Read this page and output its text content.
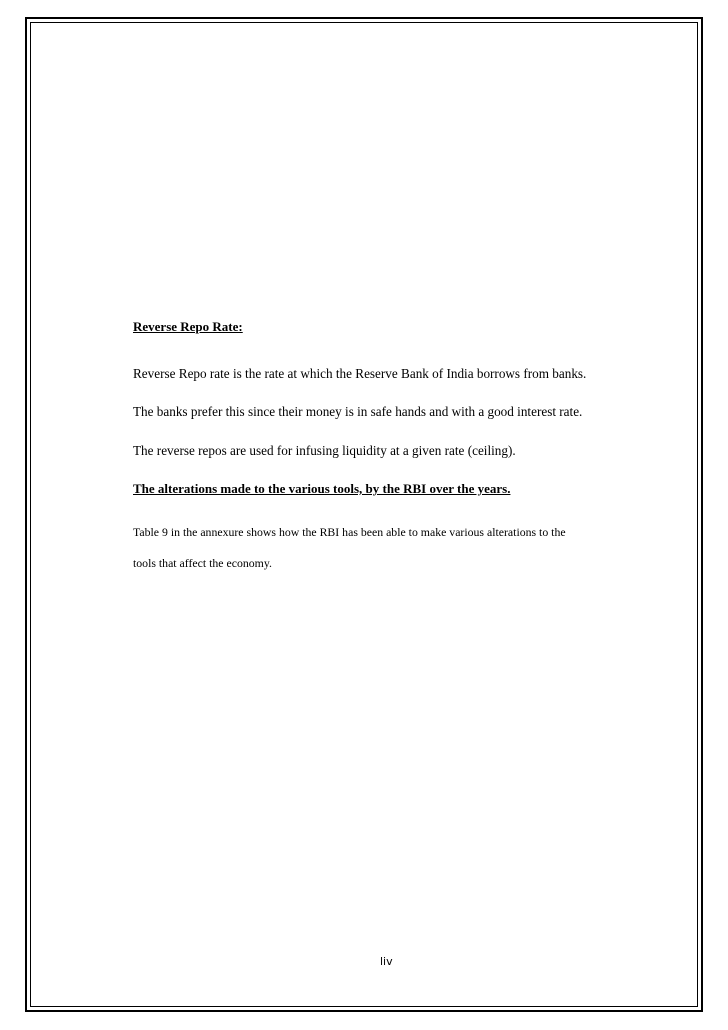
Reverse Repo Rate:
Reverse Repo rate is the rate at which the Reserve Bank of India borrows from banks.
The banks prefer this since their money is in safe hands and with a good interest rate.
The reverse repos are used for infusing liquidity at a given rate (ceiling).
The alterations made to the various tools, by the RBI over the years.
Table 9 in the annexure shows how the RBI has been able to make various alterations to the
tools that affect the economy.
liv
